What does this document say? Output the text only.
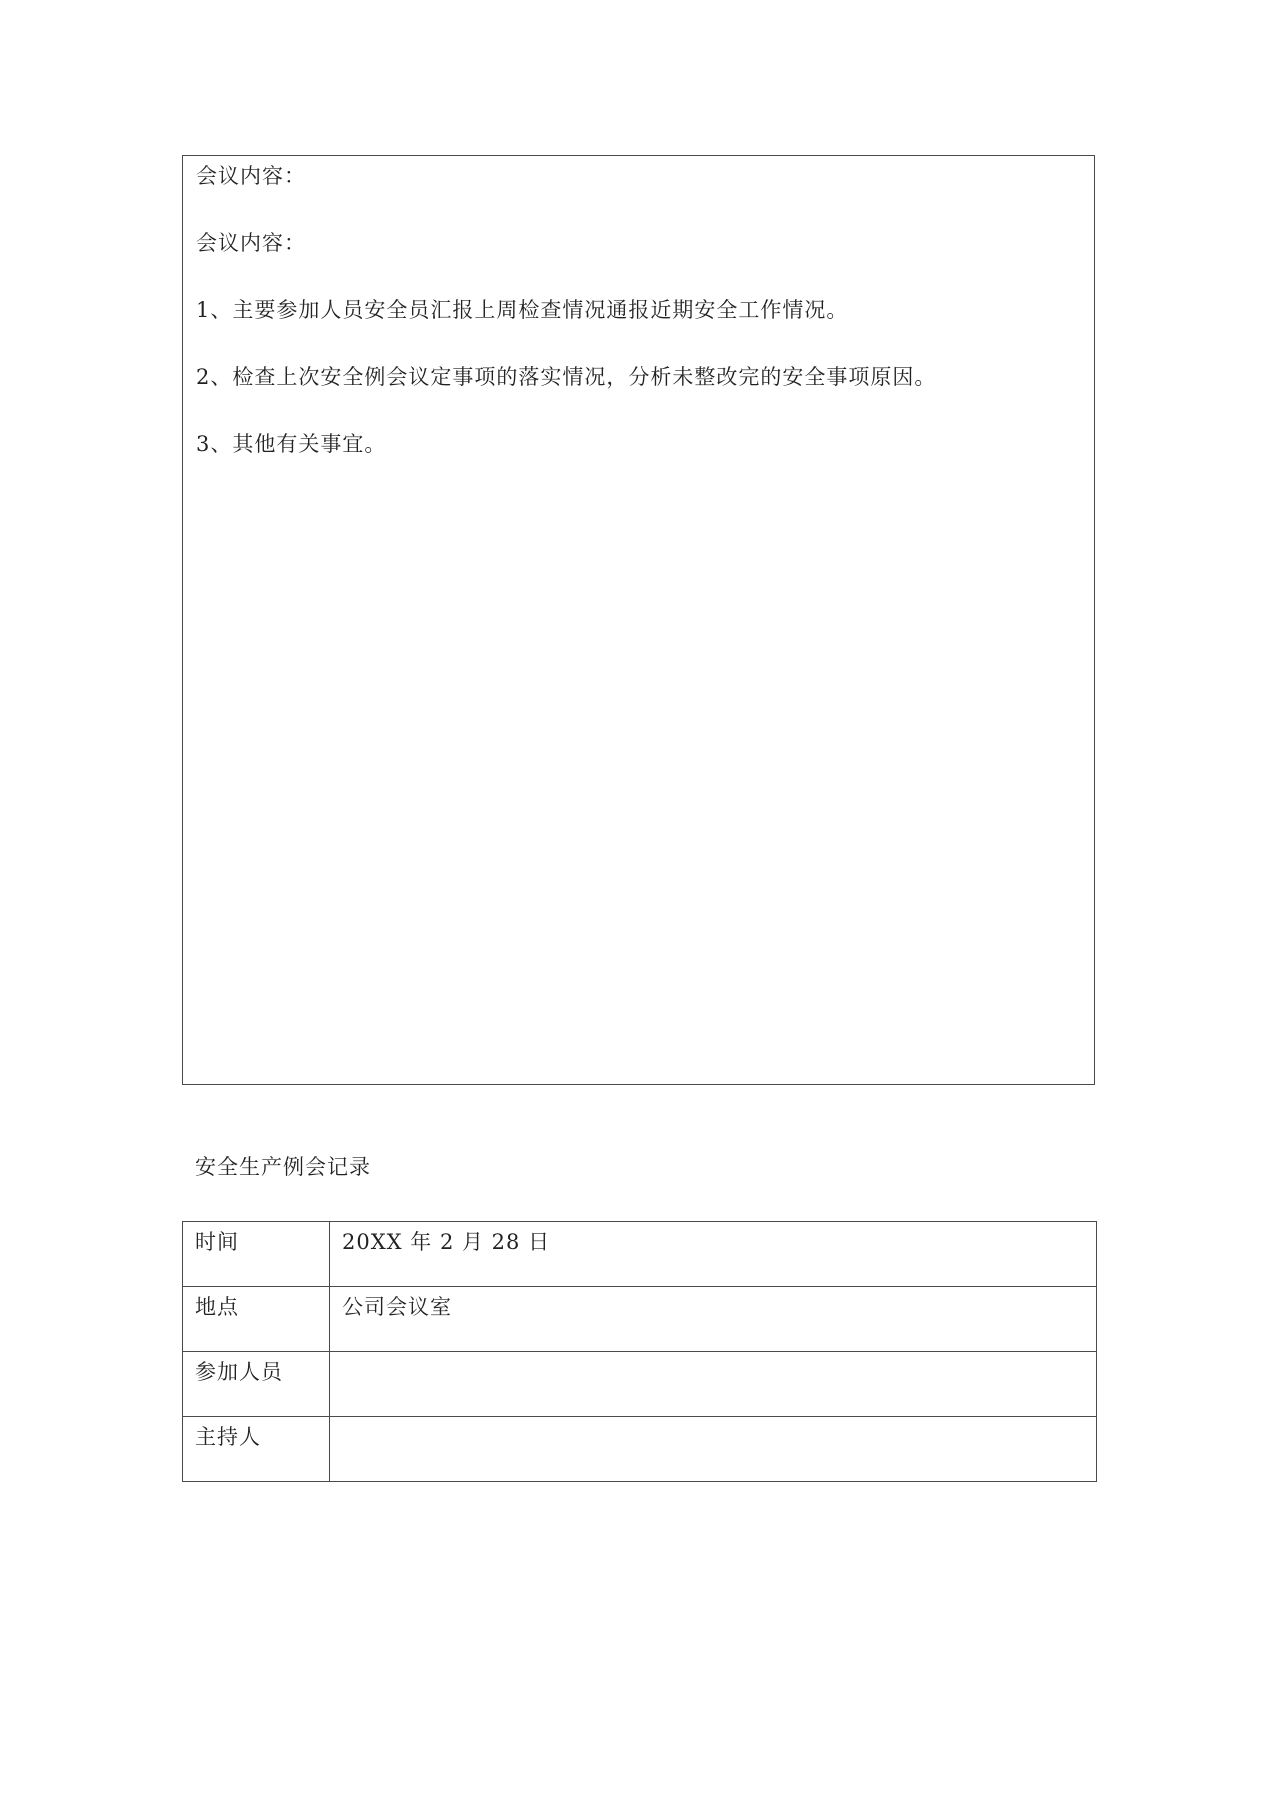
会议内容：
会议内容：
1、主要参加人员安全员汇报上周检查情况通报近期安全工作情况。
2、检查上次安全例会议定事项的落实情况，分析未整改完的安全事项原因。
3、其他有关事宜。
安全生产例会记录
时间	20XX 年 2 月 28 日
地点	公司会议室
参加人员	
主持人	
